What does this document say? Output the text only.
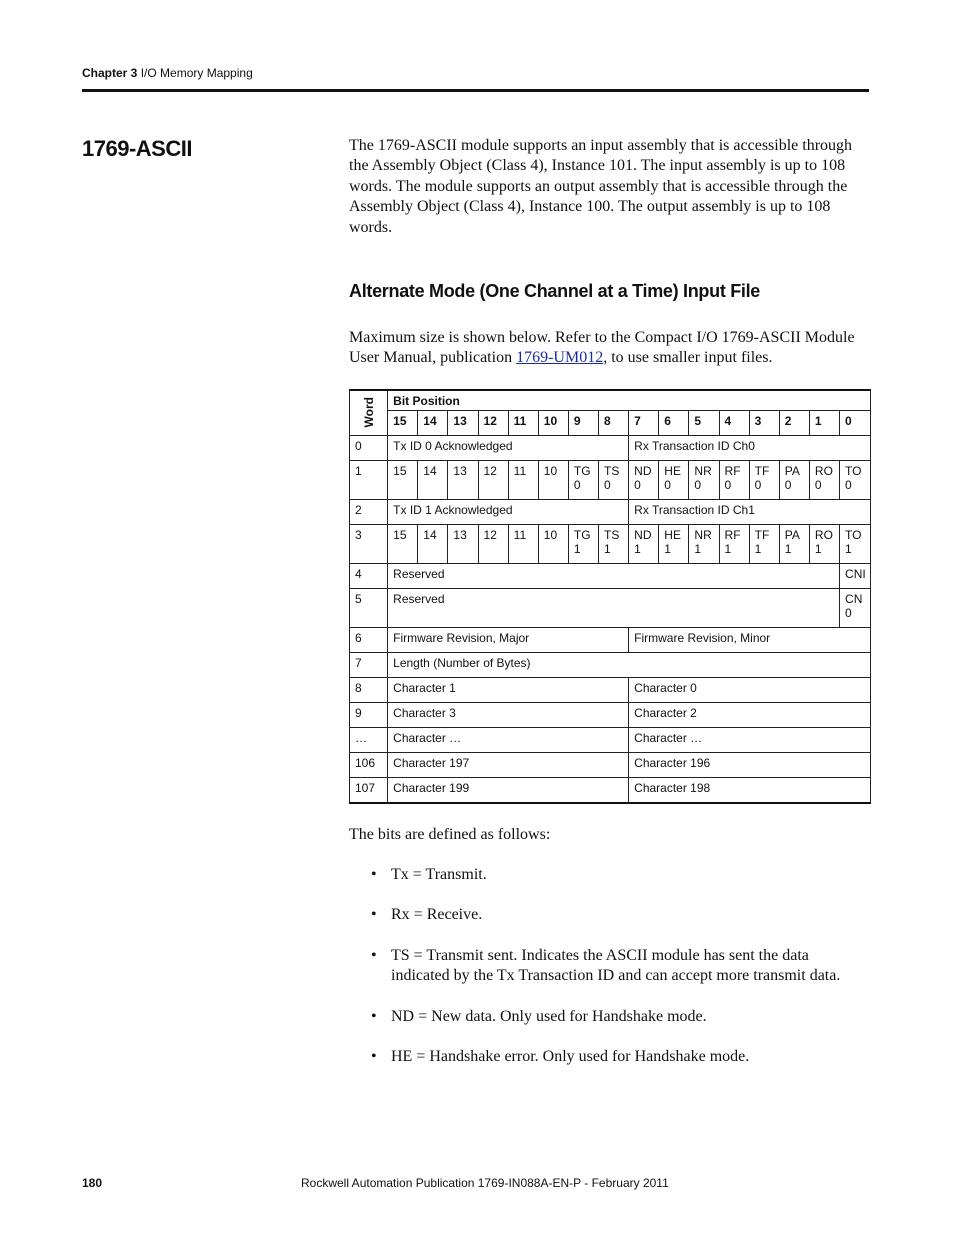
Chapter 3 I/O Memory Mapping
1769-ASCII	The 1769-ASCII module supports an input assembly that is accessible through the Assembly Object (Class 4), Instance 101. The input assembly is up to 108 words. The module supports an output assembly that is accessible through the Assembly Object (Class 4), Instance 100. The output assembly is up to 108 words.
Alternate Mode (One Channel at a Time) Input File
Maximum size is shown below. Refer to the Compact I/O 1769-ASCII Module User Manual, publication 1769-UM012, to use smaller input files.
Word	Bit Position															
	15	14	13	12	11	10	9	8	7	6	5	4	3	2	1	0
0	Tx ID 0 Acknowledged								Rx Transaction ID Ch0							
1	15	14	13	12	11	10	TG 0	TS 0	ND 0	HE 0	NR 0	RF 0	TF 0	PA 0	RO 0	TO 0
2	Tx ID 1 Acknowledged								Rx Transaction ID Ch1							
3	15	14	13	12	11	10	TG 1	TS 1	ND 1	HE 1	NR 1	RF 1	TF 1	PA 1	RO 1	TO 1
4	Reserved															CNI
5	Reserved															CN 0
6	Firmware Revision, Major								Firmware Revision, Minor							
7	Length (Number of Bytes)															
8	Character 1								Character 0							
9	Character 3								Character 2							
…	Character …								Character …							
106	Character 197								Character 196							
107	Character 199								Character 198							
The bits are defined as follows:
• Tx = Transmit.
• Rx = Receive.
• TS = Transmit sent. Indicates the ASCII module has sent the data indicated by the Tx Transaction ID and can accept more transmit data.
• ND = New data. Only used for Handshake mode.
• HE = Handshake error. Only used for Handshake mode.
180	Rockwell Automation Publication 1769-IN088A-EN-P - February 2011
